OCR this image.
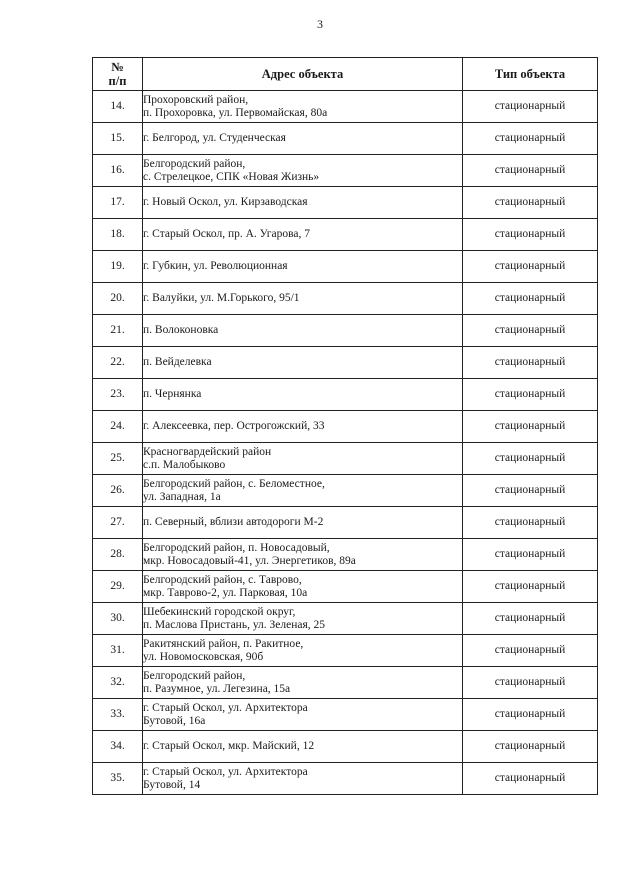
3
№
п/п	Адрес объекта	Тип объекта
14.	Прохоровский район,
п. Прохоровка, ул. Первомайская, 80а	стационарный
15.	г. Белгород, ул. Студенческая	стационарный
16.	Белгородский район,
с. Стрелецкое, СПК «Новая Жизнь»	стационарный
17.	г. Новый Оскол, ул. Кирзаводская	стационарный
18.	г. Старый Оскол, пр. А. Угарова, 7	стационарный
19.	г. Губкин, ул. Революционная	стационарный
20.	г. Валуйки, ул. М.Горького, 95/1	стационарный
21.	п. Волоконовка	стационарный
22.	п. Вейделевка	стационарный
23.	п. Чернянка	стационарный
24.	г. Алексеевка, пер. Острогожский, 33	стационарный
25.	Красногвардейский район
с.п. Малобыково	стационарный
26.	Белгородский район, с. Беломестное,
ул. Западная, 1а	стационарный
27.	п. Северный, вблизи автодороги М-2	стационарный
28.	Белгородский район, п. Новосадовый,
мкр. Новосадовый-41, ул. Энергетиков, 89а	стационарный
29.	Белгородский район, с. Таврово,
мкр. Таврово-2, ул. Парковая, 10а	стационарный
30.	Шебекинский городской округ,
п. Маслова Пристань, ул. Зеленая, 25	стационарный
31.	Ракитянский район, п. Ракитное,
ул. Новомосковская, 90б	стационарный
32.	Белгородский район,
п. Разумное, ул. Легезина, 15а	стационарный
33.	г. Старый Оскол, ул. Архитектора
Бутовой, 16а	стационарный
34.	г. Старый Оскол, мкр. Майский, 12	стационарный
35.	г. Старый Оскол, ул. Архитектора
Бутовой, 14	стационарный
